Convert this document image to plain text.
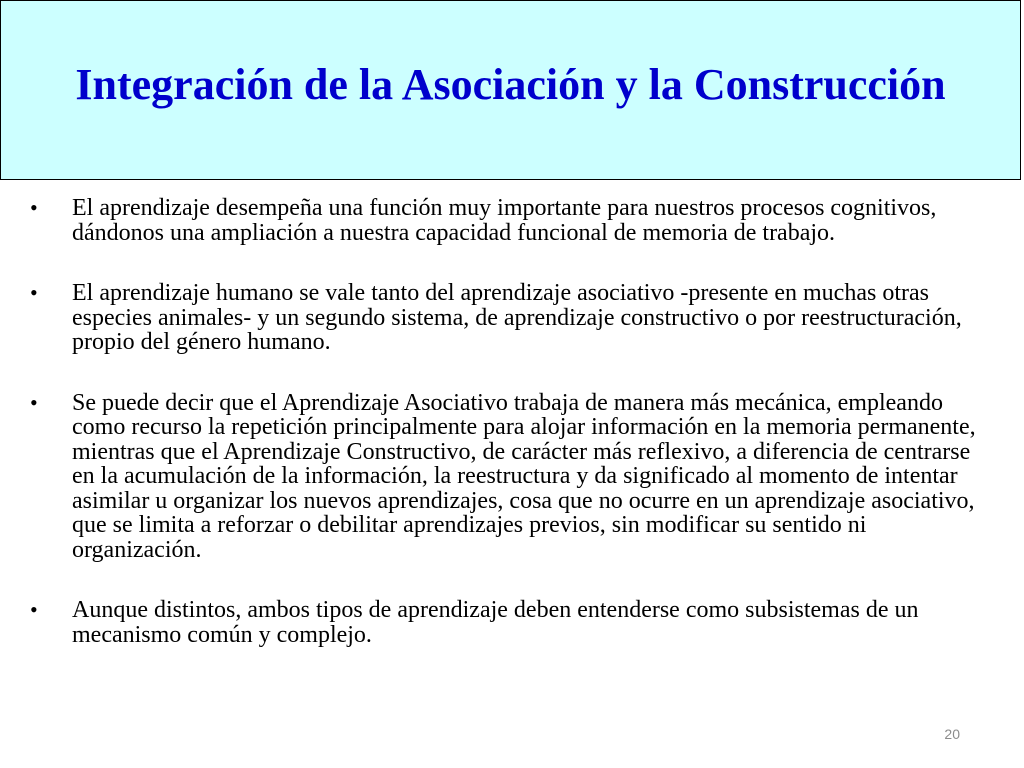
Integración de la Asociación y la Construcción
• El aprendizaje desempeña una función muy importante para nuestros procesos cognitivos, dándonos una ampliación a nuestra capacidad funcional de memoria de trabajo.
• El aprendizaje humano se vale tanto del aprendizaje asociativo -presente en muchas otras especies animales- y un segundo sistema, de aprendizaje constructivo o por reestructuración, propio del género humano.
• Se puede decir que el Aprendizaje Asociativo trabaja de manera más mecánica, empleando como recurso la repetición principalmente para alojar información en la memoria permanente, mientras que el Aprendizaje Constructivo, de carácter más reflexivo, a diferencia de centrarse en la acumulación de la información, la reestructura y da significado al momento de intentar asimilar u organizar los nuevos aprendizajes, cosa que no ocurre en un aprendizaje asociativo, que se limita a reforzar o debilitar aprendizajes previos, sin modificar su sentido ni organización.
• Aunque distintos, ambos tipos de aprendizaje deben entenderse como subsistemas de un mecanismo común y complejo.
20
